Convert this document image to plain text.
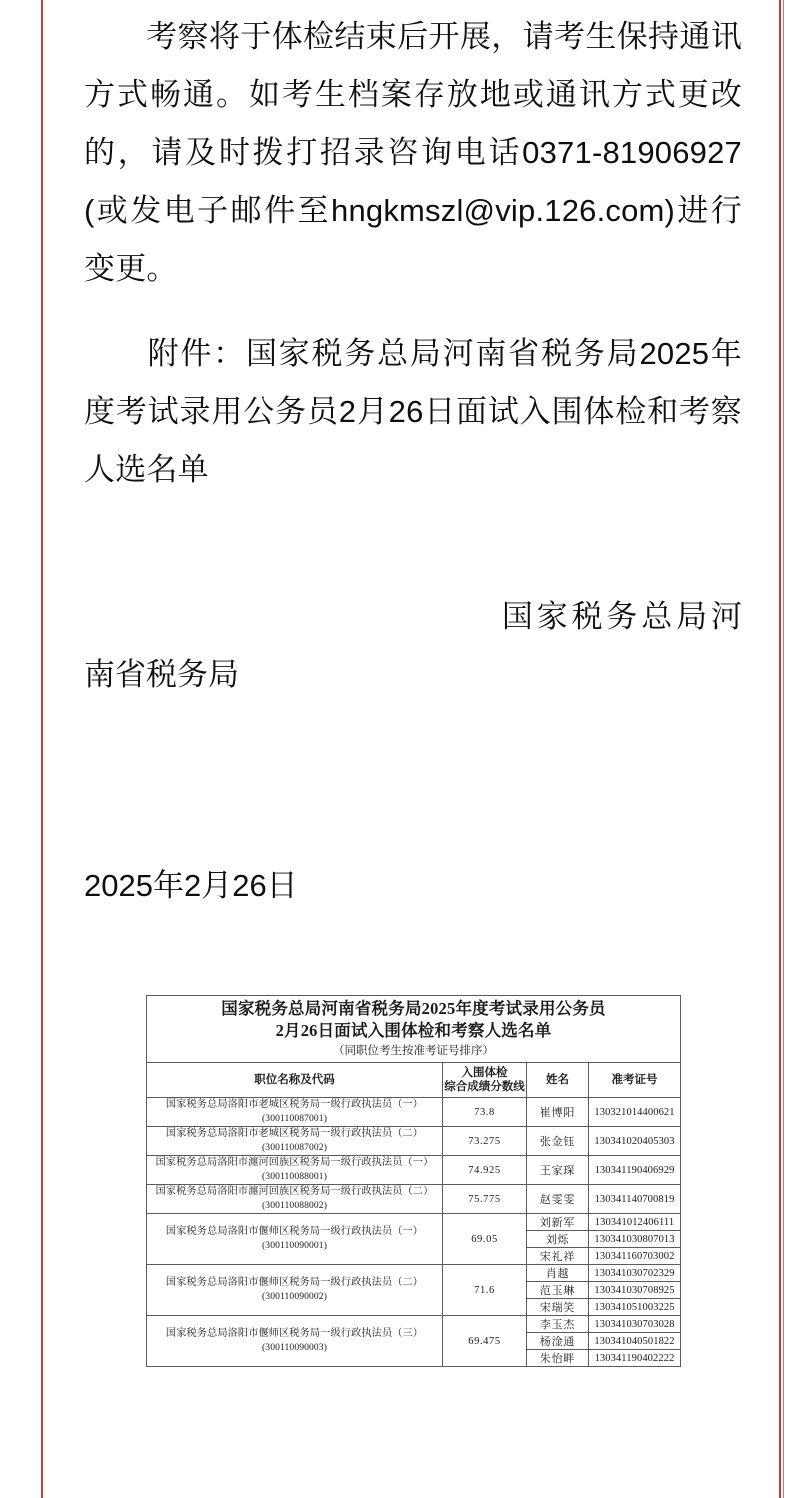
考察将于体检结束后开展，请考生保持通讯方式畅通。如考生档案存放地或通讯方式更改的，请及时拨打招录咨询电话0371-81906927(或发电子邮件至hngkmszl@vip.126.com)进行变更。

附件：国家税务总局河南省税务局2025年度考试录用公务员2月26日面试入围体检和考察人选名单

国家税务总局河南省税务局
2025年2月26日
国家税务总局河南省税务局2025年度考试录用公务员
2月26日面试入围体检和考察人选名单
（同职位考生按准考证号排序）			

职位名称及代码	入围体检
综合成绩分数线	姓名	准考证号
国家税务总局洛阳市老城区税务局一级行政执法员（一）
(300110087001)	73.8	崔博阳	130321014400621
国家税务总局洛阳市老城区税务局一级行政执法员（二）
(300110087002)	73.275	张金钰	130341020405303
国家税务总局洛阳市瀍河回族区税务局一级行政执法员（一）
(300110088001)	74.925	王家琛	130341190406929
国家税务总局洛阳市瀍河回族区税务局一级行政执法员（二）
(300110088002)	75.775	赵雯雯	130341140700819
国家税务总局洛阳市偃师区税务局一级行政执法员（一）
(300110090001)	69.05	刘新军	130341012406111
		刘烁	130341030807013
		宋礼祥	130341160703002
国家税务总局洛阳市偃师区税务局一级行政执法员（二）
(300110090002)	71.6	肖越	130341030702329
		范玉琳	130341030708925
		宋瑞笑	130341051003225
国家税务总局洛阳市偃师区税务局一级行政执法员（三）
(300110090003)	69.475	李玉杰	130341030703028
		杨淦通	130341040501822
		朱怡畔	130341190402222
